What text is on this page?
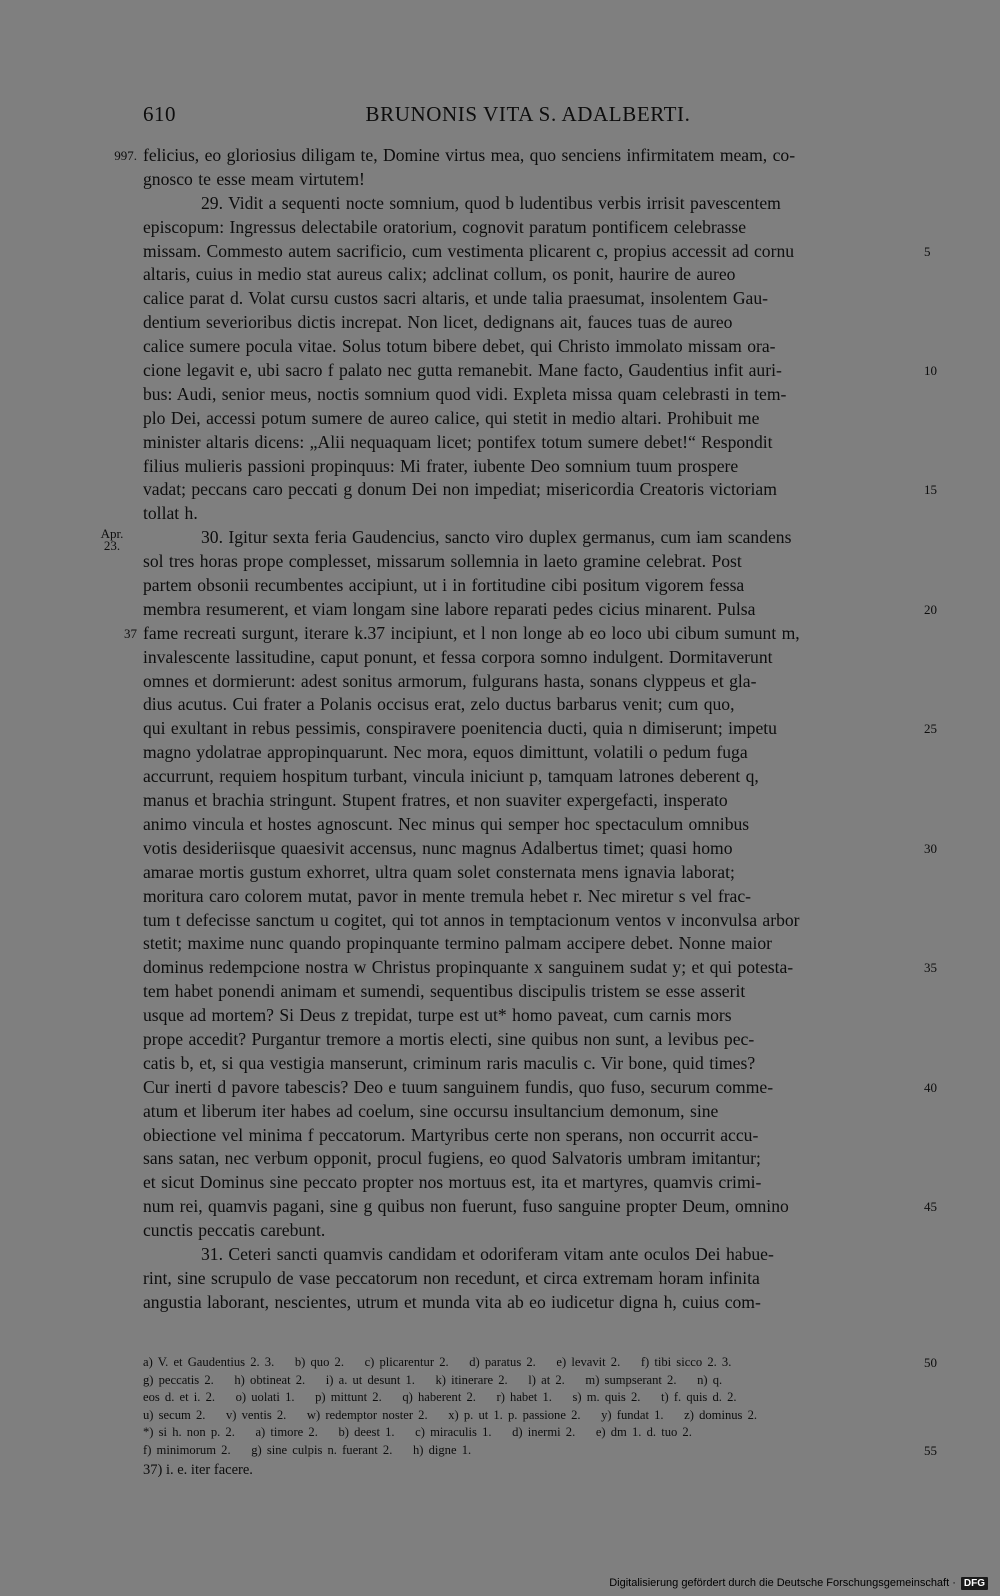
610	BRUNONIS VITA S. ADALBERTI.
felicius, eo gloriosius diligam te, Domine virtus mea, quo senciens infirmitatem meam, co-
997.
gnosco te esse meam virtutem!
29. Vidit a sequenti nocte somnium, quod b ludentibus verbis irrisit pavescentem
episcopum: Ingressus delectabile oratorium, cognovit paratum pontificem celebrasse
missam. Commesto autem sacrificio, cum vestimenta plicarent c, propius accessit ad cornu	5
altaris, cuius in medio stat aureus calix; adclinat collum, os ponit, haurire de aureo
calice parat d. Volat cursu custos sacri altaris, et unde talia praesumat, insolentem Gau-
dentium severioribus dictis increpat. Non licet, dedignans ait, fauces tuas de aureo
calice sumere pocula vitae. Solus totum bibere debet, qui Christo immolato missam ora-
cione legavit e, ubi sacro f palato nec gutta remanebit. Mane facto, Gaudentius infit auri-	10
bus: Audi, senior meus, noctis somnium quod vidi. Expleta missa quam celebrasti in tem-
plo Dei, accessi potum sumere de aureo calice, qui stetit in medio altari. Prohibuit me
minister altaris dicens: „Alii nequaquam licet; pontifex totum sumere debet!“ Respondit
filius mulieris passioni propinquus: Mi frater, iubente Deo somnium tuum prospere
vadat; peccans caro peccati g donum Dei non impediat; misericordia Creatoris victoriam	15
tollat h.
30. Igitur sexta feria Gaudencius, sancto viro duplex germanus, cum iam scandens
Apr.
23.
sol tres horas prope complesset, missarum sollemnia in laeto gramine celebrat. Post
partem obsonii recumbentes accipiunt, ut i in fortitudine cibi positum vigorem fessa
membra resumerent, et viam longam sine labore reparati pedes cicius minarent. Pulsa	20
fame recreati surgunt, iterare k.37 incipiunt, et l non longe ab eo loco ubi cibum sumunt m,
37
invalescente lassitudine, caput ponunt, et fessa corpora somno indulgent. Dormitaverunt
omnes et dormierunt: adest sonitus armorum, fulgurans hasta, sonans clyppeus et gla-
dius acutus. Cui frater a Polanis occisus erat, zelo ductus barbarus venit; cum quo,
qui exultant in rebus pessimis, conspiravere poenitencia ducti, quia n dimiserunt; impetu	25
magno ydolatrae appropinquarunt. Nec mora, equos dimittunt, volatili o pedum fuga
accurrunt, requiem hospitum turbant, vincula iniciunt p, tamquam latrones deberent q,
manus et brachia stringunt. Stupent fratres, et non suaviter expergefacti, insperato
animo vincula et hostes agnoscunt. Nec minus qui semper hoc spectaculum omnibus
votis desideriisque quaesivit accensus, nunc magnus Adalbertus timet; quasi homo	30
amarae mortis gustum exhorret, ultra quam solet consternata mens ignavia laborat;
moritura caro colorem mutat, pavor in mente tremula hebet r. Nec miretur s vel frac-
tum t defecisse sanctum u cogitet, qui tot annos in temptacionum ventos v inconvulsa arbor
stetit; maxime nunc quando propinquante termino palmam accipere debet. Nonne maior
dominus redempcione nostra w Christus propinquante x sanguinem sudat y; et qui potesta-	35
tem habet ponendi animam et sumendi, sequentibus discipulis tristem se esse asserit
usque ad mortem? Si Deus z trepidat, turpe est ut* homo paveat, cum carnis mors
prope accedit? Purgantur tremore a mortis electi, sine quibus non sunt, a levibus pec-
catis b, et, si qua vestigia manserunt, criminum raris maculis c. Vir bone, quid times?
Cur inerti d pavore tabescis? Deo e tuum sanguinem fundis, quo fuso, securum comme-	40
atum et liberum iter habes ad coelum, sine occursu insultancium demonum, sine
obiectione vel minima f peccatorum. Martyribus certe non sperans, non occurrit accu-
sans satan, nec verbum opponit, procul fugiens, eo quod Salvatoris umbram imitantur;
et sicut Dominus sine peccato propter nos mortuus est, ita et martyres, quamvis crimi-
num rei, quamvis pagani, sine g quibus non fuerunt, fuso sanguine propter Deum, omnino	45
cunctis peccatis carebunt.
31. Ceteri sancti quamvis candidam et odoriferam vitam ante oculos Dei habue-
rint, sine scrupulo de vase peccatorum non recedunt, et circa extremam horam infinita
angustia laborant, nescientes, utrum et munda vita ab eo iudicetur digna h, cuius com-
a) V. et Gaudentius 2. 3.    b) quo 2.    c) plicarentur 2.    d) paratus 2.    e) levavit 2.    f) tibi sicco 2. 3.	50
g) peccatis 2.    h) obtineat 2.    i) a. ut desunt 1.    k) itinerare 2.    l) at 2.    m) sumpserant 2.    n) q.
eos d. et i. 2.    o) uolati 1.    p) mittunt 2.    q) haberent 2.    r) habet 1.    s) m. quis 2.    t) f. quis d. 2.
u) secum 2.    v) ventis 2.    w) redemptor noster 2.    x) p. ut 1. p. passione 2.    y) fundat 1.    z) dominus 2.
*) si h. non p. 2.    a) timore 2.    b) deest 1.    c) miraculis 1.    d) inermi 2.    e) dm 1. d. tuo 2.
f) minimorum 2.    g) sine culpis n. fuerant 2.    h) digne 1.	55
37) i. e. iter facere.
Digitalisierung gefördert durch die Deutsche Forschungsgemeinschaft · DFG
